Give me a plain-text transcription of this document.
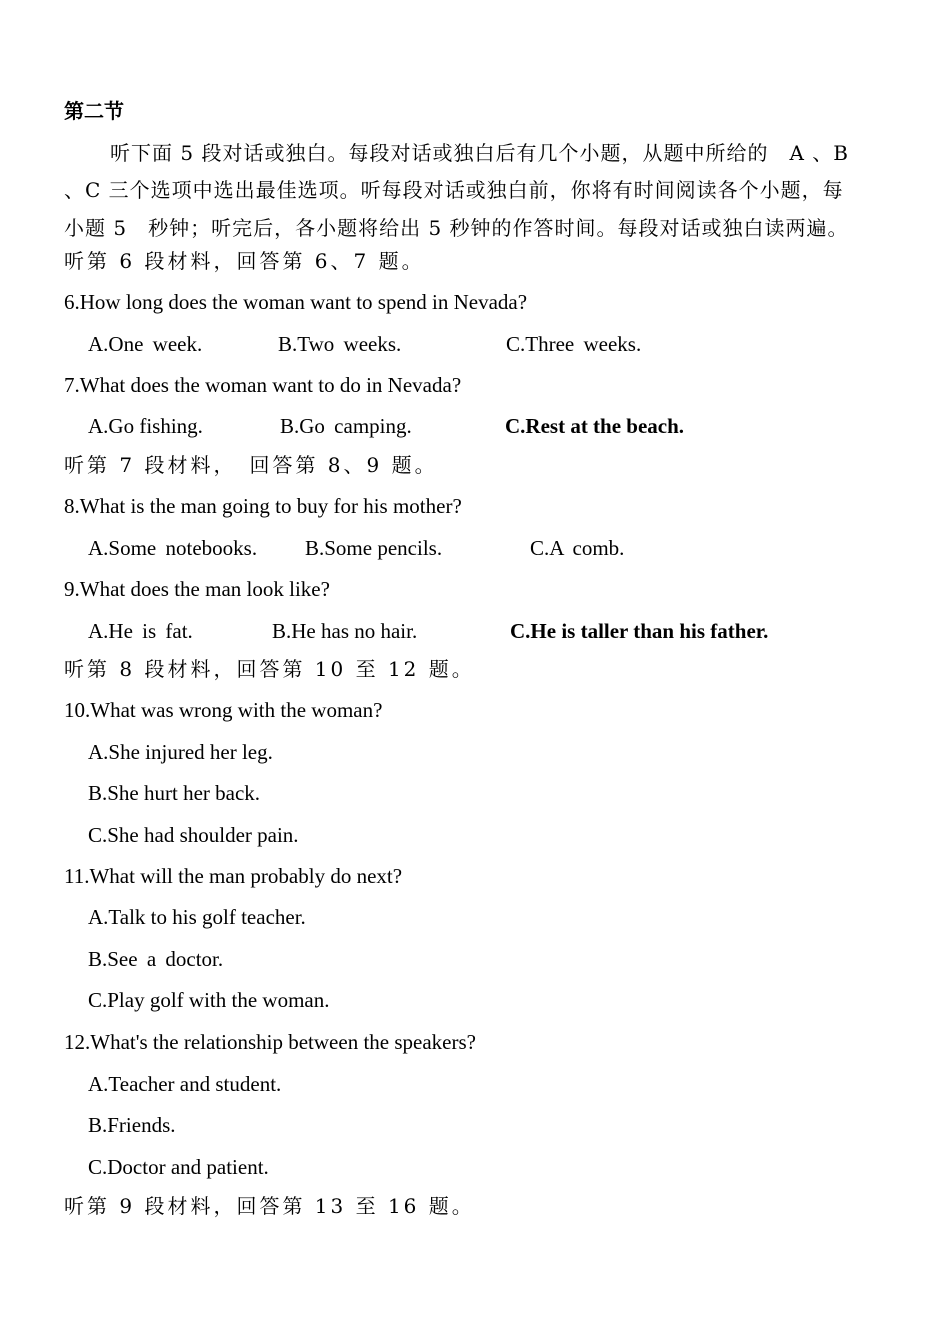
第二节
听下面 5 段对话或独白。每段对话或独白后有几个小题，从题中所给的　A 、B
、C 三个选项中选出最佳选项。听每段对话或独白前，你将有时间阅读各个小题，每
小题 5　秒钟；听完后，各小题将给出 5 秒钟的作答时间。每段对话或独白读两遍。
听第 6 段材料，回答第 6、7 题。
6.How long does the woman want to spend in Nevada?
A.One week.	B.Two weeks.	C.Three weeks.
7.What does the woman want to do in Nevada?
A.Go fishing.	B.Go camping.	C.Rest at the beach.
听第 7 段材料，　回答第 8、9 题。
8.What is the man going to buy for his mother?
A.Some notebooks. B.Some pencils.	C.A comb.
9.What does the man look like?
A.He is fat.	B.He has no hair.	C.He is taller than his father.
听第 8 段材料，回答第 10 至 12 题。
10.What was wrong with the woman?
A.She injured her leg.
B.She hurt her back.
C.She had shoulder pain.
11.What will the man probably do next?
A.Talk to his golf teacher.
B.See a doctor.
C.Play golf with the woman.
12.What's the relationship between the speakers?
A.Teacher and student.
B.Friends.
C.Doctor and patient.
听第 9 段材料，回答第 13 至 16 题。
